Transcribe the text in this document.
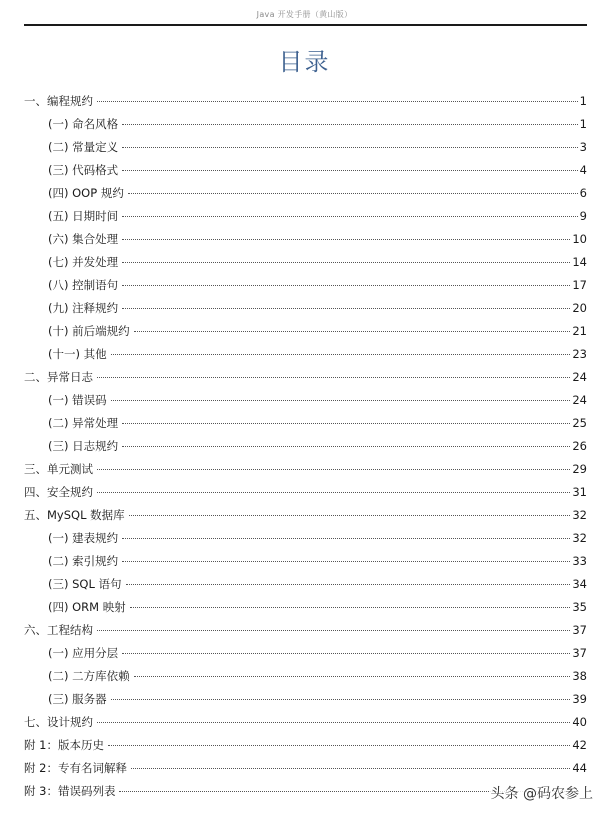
Java 开发手册（黄山版）
目录
一、编程规约	1
(一) 命名风格	1
(二) 常量定义	3
(三) 代码格式	4
(四) OOP 规约	6
(五) 日期时间	9
(六) 集合处理	10
(七) 并发处理	14
(八) 控制语句	17
(九) 注释规约	20
(十) 前后端规约	21
(十一) 其他	23
二、异常日志	24
(一) 错误码	24
(二) 异常处理	25
(三) 日志规约	26
三、单元测试	29
四、安全规约	31
五、MySQL 数据库	32
(一) 建表规约	32
(二) 索引规约	33
(三) SQL 语句	34
(四) ORM 映射	35
六、工程结构	37
(一) 应用分层	37
(二) 二方库依赖	38
(三) 服务器	39
七、设计规约	40
附 1：版本历史	42
附 2：专有名词解释	44
附 3：错误码列表	头条 @码农参上
